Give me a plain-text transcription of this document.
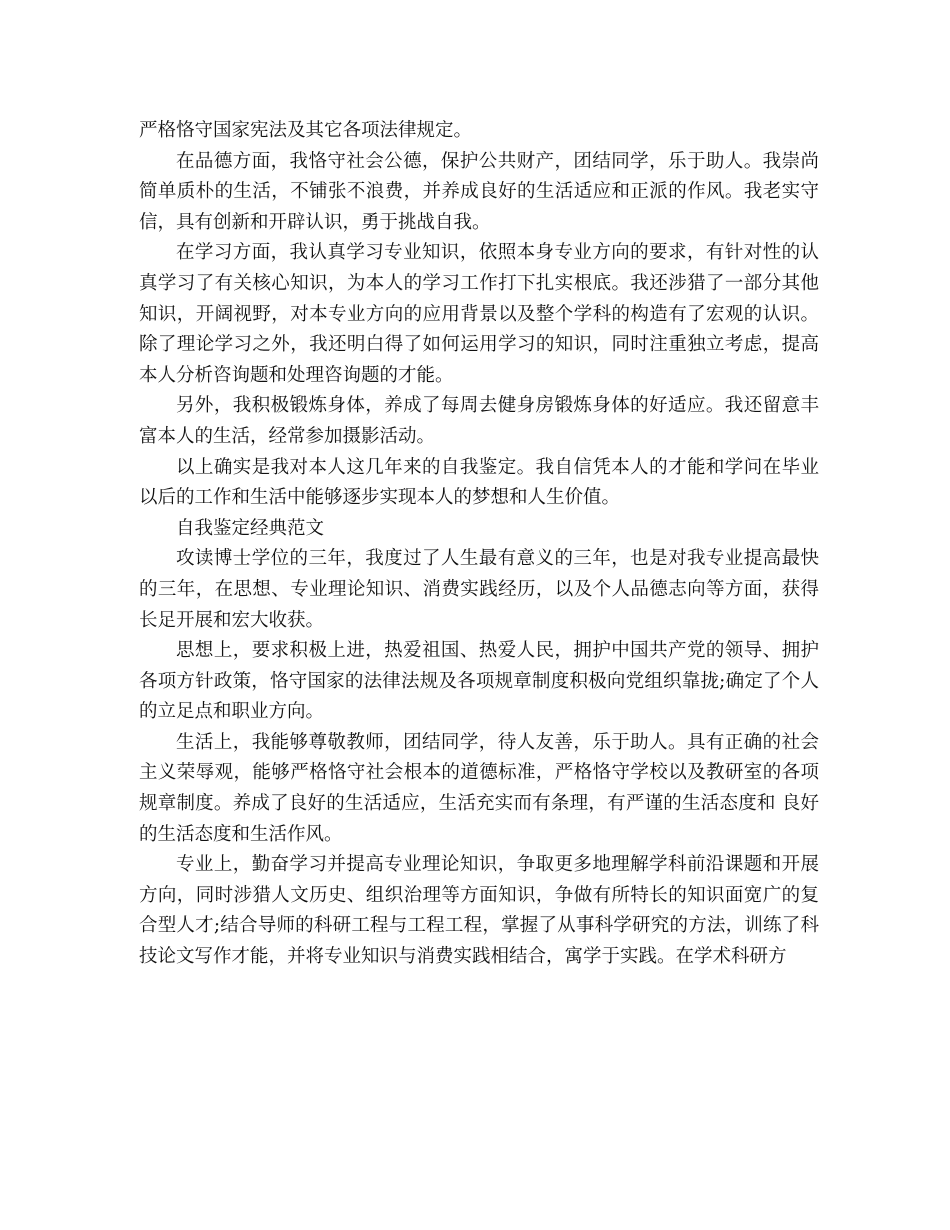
严格恪守国家宪法及其它各项法律规定。

在品德方面，我恪守社会公德，保护公共财产，团结同学，乐于助人。我崇尚简单质朴的生活，不铺张不浪费，并养成良好的生活适应和正派的作风。我老实守信，具有创新和开辟认识，勇于挑战自我。

在学习方面，我认真学习专业知识，依照本身专业方向的要求，有针对性的认真学习了有关核心知识，为本人的学习工作打下扎实根底。我还涉猎了一部分其他知识，开阔视野，对本专业方向的应用背景以及整个学科的构造有了宏观的认识。除了理论学习之外，我还明白得了如何运用学习的知识，同时注重独立考虑，提高本人分析咨询题和处理咨询题的才能。

另外，我积极锻炼身体，养成了每周去健身房锻炼身体的好适应。我还留意丰富本人的生活，经常参加摄影活动。

以上确实是我对本人这几年来的自我鉴定。我自信凭本人的才能和学问在毕业以后的工作和生活中能够逐步实现本人的梦想和人生价值。

自我鉴定经典范文

攻读博士学位的三年，我度过了人生最有意义的三年，也是对我专业提高最快的三年，在思想、专业理论知识、消费实践经历，以及个人品德志向等方面，获得长足开展和宏大收获。

思想上，要求积极上进，热爱祖国、热爱人民，拥护中国共产党的领导、拥护各项方针政策，恪守国家的法律法规及各项规章制度积极向党组织靠拢;确定了个人的立足点和职业方向。

生活上，我能够尊敬教师，团结同学，待人友善，乐于助人。具有正确的社会主义荣辱观，能够严格恪守社会根本的道德标准，严格恪守学校以及教研室的各项规章制度。养成了良好的生活适应，生活充实而有条理，有严谨的生活态度和 良好的生活态度和生活作风。

专业上，勤奋学习并提高专业理论知识，争取更多地理解学科前沿课题和开展方向，同时涉猎人文历史、组织治理等方面知识，争做有所特长的知识面宽广的复合型人才;结合导师的科研工程与工程工程，掌握了从事科学研究的方法，训练了科技论文写作才能，并将专业知识与消费实践相结合，寓学于实践。在学术科研方
